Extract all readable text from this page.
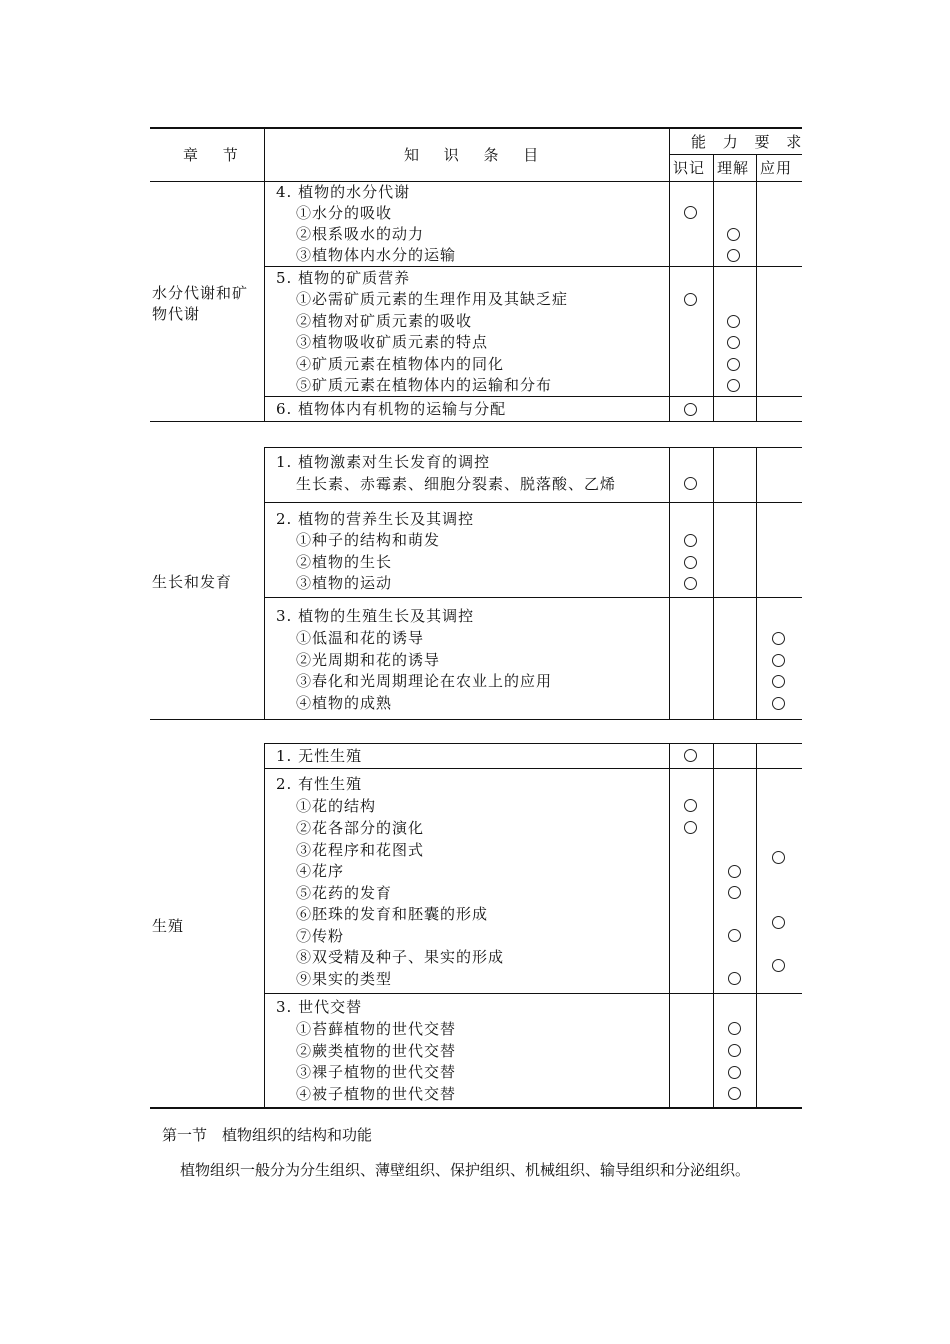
章 节	知 识 条 目
能 力 要 求
识记 理解 应用
水分代谢和矿
物代谢
4. 植物的水分代谢
①水分的吸收
②根系吸水的动力
③植物体内水分的运输
5. 植物的矿质营养
①必需矿质元素的生理作用及其缺乏症
②植物对矿质元素的吸收
③植物吸收矿质元素的特点
④矿质元素在植物体内的同化
⑤矿质元素在植物体内的运输和分布
6. 植物体内有机物的运输与分配
生长和发育
1. 植物激素对生长发育的调控
生长素、赤霉素、细胞分裂素、脱落酸、乙烯
2. 植物的营养生长及其调控
①种子的结构和萌发
②植物的生长
③植物的运动
3. 植物的生殖生长及其调控
①低温和花的诱导
②光周期和花的诱导
③春化和光周期理论在农业上的应用
④植物的成熟
生殖
1. 无性生殖
2. 有性生殖
①花的结构
②花各部分的演化
③花程序和花图式
④花序
⑤花药的发育
⑥胚珠的发育和胚囊的形成
⑦传粉
⑧双受精及种子、果实的形成
⑨果实的类型
3. 世代交替
①苔藓植物的世代交替
②蕨类植物的世代交替
③裸子植物的世代交替
④被子植物的世代交替
第一节　植物组织的结构和功能
植物组织一般分为分生组织、薄壁组织、保护组织、机械组织、输导组织和分泌组织。
